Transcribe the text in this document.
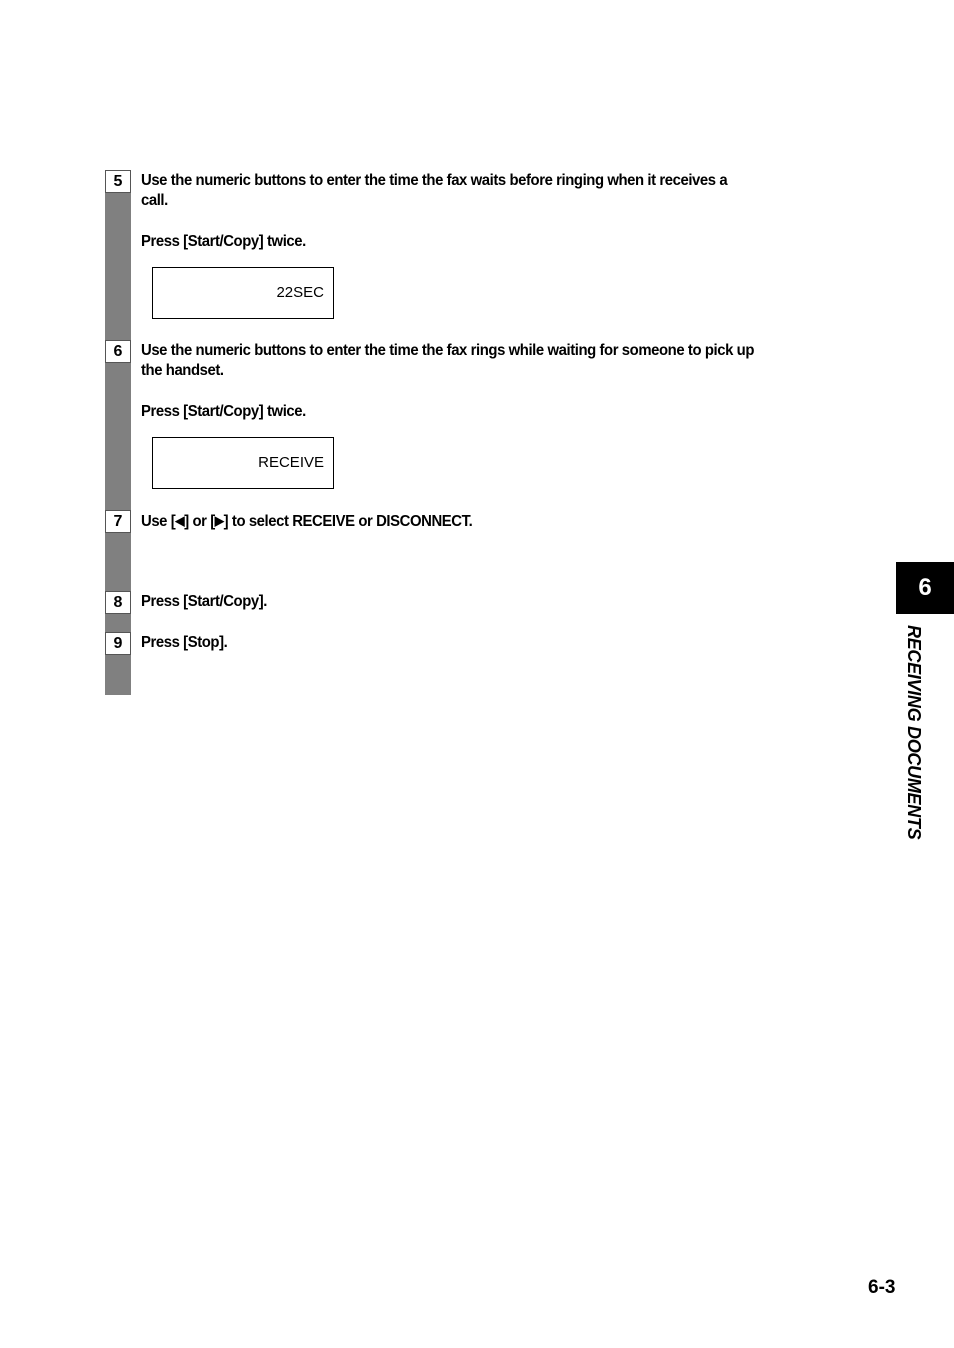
5	Use the numeric buttons to enter the time the fax waits before ringing when it receives a
call.
Press [Start/Copy] twice.
22SEC
6	Use the numeric buttons to enter the time the fax rings while waiting for someone to pick up
the handset.
Press [Start/Copy] twice.
RECEIVE
7	Use [◀] or [▶] to select RECEIVE or DISCONNECT.
8	Press [Start/Copy].
9	Press [Stop].
6
RECEIVING DOCUMENTS
6-3
